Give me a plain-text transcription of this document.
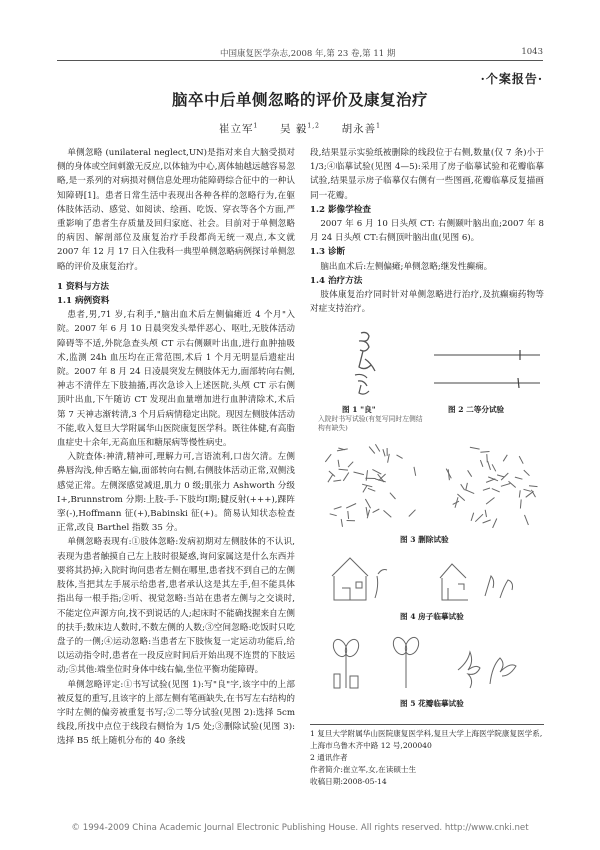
中国康复医学杂志,2008 年,第 23 卷,第 11 期	1043
·个案报告·
脑卒中后单侧忽略的评价及康复治疗
崔立军$^1$ 吴 毅$^{1,2}$ 胡永善$^1$

单侧忽略 (unilateral neglect,UN)是指对来自大脑受损对侧的身体或空间刺激无反应,以体轴为中心,离体轴越远越容易忽略,是一系列的对病损对侧信息处理功能障碍综合征中的一种认知障碍[1]。患者日常生活中表现出各种各样的忽略行为,在躯体肢体活动、感觉、如阅读、绘画、吃饭、穿衣等各个方面,严重影响了患者生存质量及回归家庭、社会。目前对于单侧忽略的病因、解剖部位及康复治疗手段都尚无统一观点,本文就 2007 年 12 月 17 日入住我科一典型单侧忽略病例探讨单侧忽略的评价及康复治疗。

1 资料与方法

1.1 病例资料

患者,男,71 岁,右利手,"脑出血术后左侧偏瘫近 4 个月"入院。2007 年 6 月 10 日晨突发头晕伴恶心、呕吐,无肢体活动障碍等不适,外院急查头颅 CT 示右侧颞叶出血,进行血肿抽吸术,监测 24h 血压均在正常范围,术后 1 个月无明显后遗症出院。2007 年 8 月 24 日凌晨突发左侧肢体无力,面部转向右侧,神志不清伴左下肢抽搐,再次急诊入上述医院,头颅 CT 示右侧顶叶出血,下午随访 CT 发现出血量增加进行血肿清除术,术后第 7 天神志渐转清,3 个月后病情稳定出院。现因左侧肢体活动不能,收入复旦大学附属华山医院康复医学科。既往体健,有高脂血症史十余年,无高血压和糖尿病等慢性病史。

入院查体:神清,精神可,理解力可,言语流利,口齿欠清。左侧鼻唇沟浅,伸舌略左偏,面部转向右侧,右侧肢体活动正常,双侧浅感觉正常。左侧深感觉减退,肌力 0 级;肌张力 Ashworth 分级Ⅰ+,Brunnstrom 分期:上肢-手-下肢均Ⅰ期;腱反射(+++),踝阵挛(-),Hoffmann 征(+),Babinski 征(+)。简易认知状态检查正常,改良 Barthel 指数 35 分。

单侧忽略表现有:①肢体忽略:发病初期对左侧肢体的不认识,表现为患者触摸自己左上肢时很疑惑,询问家属这是什么东西并要将其扔掉;入院时询问患者左侧在哪里,患者找不到自己的左侧肢体,当把其左手展示给患者,患者承认这是其左手,但不能具体指出每一根手指;②听、视觉忽略:当站在患者左侧与之交谈时,不能定位声源方向,找不到说话的人;起床时不能确找握来自左侧的扶手;数床边人数时,不数左侧的人数;③空间忽略:吃饭时只吃盘子的一侧;④运动忽略:当患者左下肢恢复一定运动功能后,给以运动指令时,患者在一段反应时间后开始出现不连贯的下肢运动;⑤其他:端坐位时身体中线右偏,坐位平衡功能障碍。

单侧忽略评定:①书写试验(见图 1):写"良"字,该字中的上部被反复的重写,且该字的上部左侧有笔画缺失,在书写左右结构的字时左侧的偏旁被重复书写;②二等分试验(见图 2):选择 5cm 线段,所找中点位于线段右侧恰为 1/5 处;③删除试验(见图 3):选择 B5 纸上随机分布的 40 条线

段,结果显示实验纸被删除的线段位于右侧,数量(仅 7 条)小于 1/3;④临摹试验(见图 4—5):采用了房子临摹试验和花瓣临摹试验,结果显示房子临摹仅右侧有一些图画,花瓣临摹反复描画同一花瓣。

1.2 影像学检查

2007 年 6 月 10 日头颅 CT: 右侧颞叶脑出血;2007 年 8 月 24 日头颅 CT:右侧顶叶脑出血(见图 6)。

1.3 诊断

脑出血术后:左侧偏瘫;单侧忽略;继发性癫痫。

1.4 治疗方法

肢体康复治疗同时针对单侧忽略进行治疗,及抗癫痫药物等对症支持治疗。

图 1 "良"
入院时书写试验(有复写同时左侧结构有缺失)
图 2 二等分试验
图 3 删除试验
图 4 房子临摹试验
图 5 花瓣临摹试验
1 复旦大学附属华山医院康复医学科,复旦大学上海医学院康复医学系,上海市乌鲁木齐中路 12 号,200040
2 通讯作者
作者简介:崔立军,女,在读硕士生
收稿日期:2008-05-14
© 1994-2009 China Academic Journal Electronic Publishing House. All rights reserved. http://www.cnki.net
